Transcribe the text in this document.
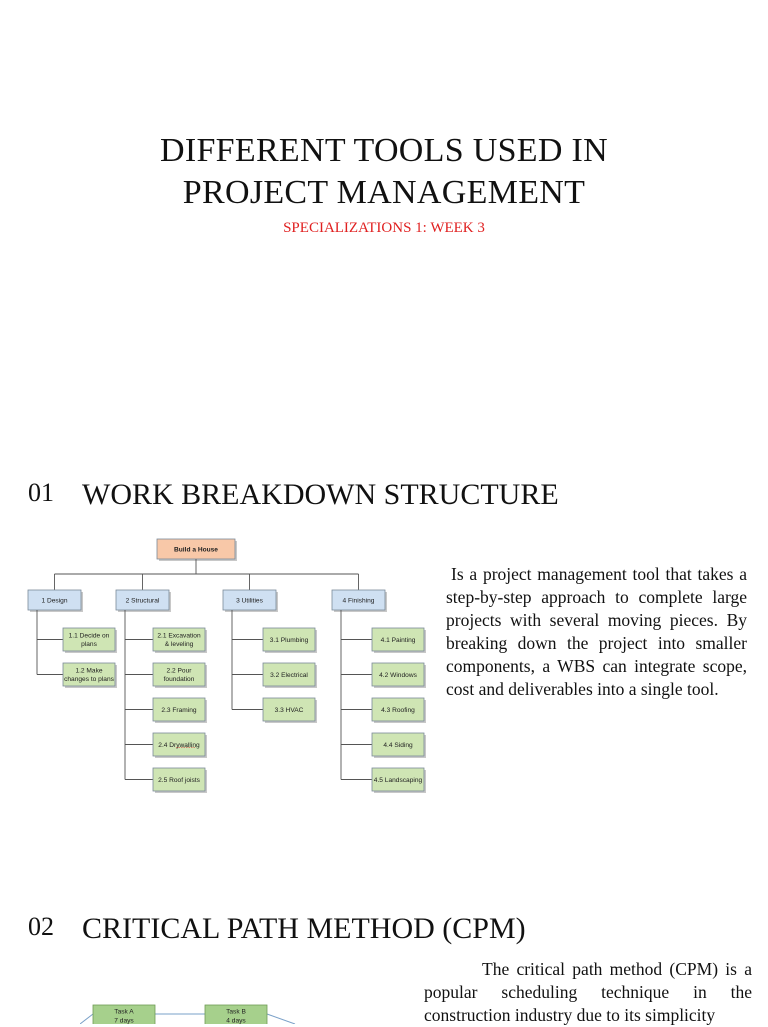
DIFFERENT TOOLS USED IN
PROJECT MANAGEMENT
SPECIALIZATIONS 1: WEEK 3
01 WORK BREAKDOWN STRUCTURE
Build a House
1 Design
1.1 Decide on
plans
1.2 Make
changes to plans
2 Structural
2.1 Excavation
& leveling
2.2 Pour
foundation
2.3 Framing
2.4 Drywalling
2.5 Roof joists
3 Utilities
3.1 Plumbing
3.2 Electrical
3.3 HVAC
4 Finishing
4.1 Painting
4.2 Windows
4.3 Roofing
4.4 Siding
4.5 Landscaping
Is a project management tool that takes a step-by-step approach to complete large projects with several moving pieces. By breaking down the project into smaller components, a WBS can integrate scope, cost and deliverables into a single tool.
02 CRITICAL PATH METHOD (CPM)
The critical path method (CPM) is a popular scheduling technique in the construction industry due to its simplicity
Task A
7 days
Task B
4 days
